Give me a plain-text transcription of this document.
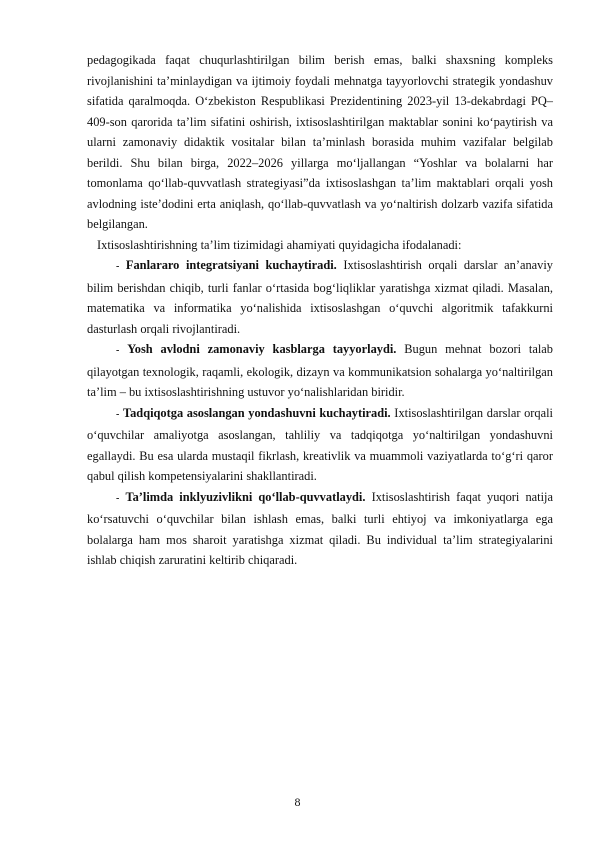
pedagogikada faqat chuqurlashtirilgan bilim berish emas, balki shaxsning kompleks rivojlanishini ta’minlaydigan va ijtimoiy foydali mehnatga tayyorlovchi strategik yondashuv sifatida qaralmoqda. O‘zbekiston Respublikasi Prezidentining 2023-yil 13-dekabrdagi PQ–409-son qarorida ta’lim sifatini oshirish, ixtisoslashtirilgan maktablar sonini ko‘paytirish va ularni zamonaviy didaktik vositalar bilan ta’minlash borasida muhim vazifalar belgilab berildi. Shu bilan birga, 2022–2026 yillarga mo‘ljallangan “Yoshlar va bolalarni har tomonlama qo‘llab-quvvatlash strategiyasi”da ixtisoslashgan ta’lim maktablari orqali yosh avlodning iste’dodini erta aniqlash, qo‘llab-quvvatlash va yo‘naltirish dolzarb vazifa sifatida belgilangan.

Ixtisoslashtirishning ta’lim tizimidagi ahamiyati quyidagicha ifodalanadi:

- Fanlararo integratsiyani kuchaytiradi. Ixtisoslashtirish orqali darslar an’anaviy bilim berishdan chiqib, turli fanlar o‘rtasida bog‘liqliklar yaratishga xizmat qiladi. Masalan, matematika va informatika yo‘nalishida ixtisoslashgan o‘quvchi algoritmik tafakkurni dasturlash orqali rivojlantiradi.

- Yosh avlodni zamonaviy kasblarga tayyorlaydi. Bugun mehnat bozori talab qilayotgan texnologik, raqamli, ekologik, dizayn va kommunikatsion sohalarga yo‘naltirilgan ta’lim – bu ixtisoslashtirishning ustuvor yo‘nalishlaridan biridir.

- Tadqiqotga asoslangan yondashuvni kuchaytiradi. Ixtisoslashtirilgan darslar orqali o‘quvchilar amaliyotga asoslangan, tahliliy va tadqiqotga yo‘naltirilgan yondashuvni egallaydi. Bu esa ularda mustaqil fikrlash, kreativlik va muammoli vaziyatlarda to‘g‘ri qaror qabul qilish kompetensiyalarini shakllantiradi.

- Ta’limda inklyuzivlikni qo‘llab-quvvatlaydi. Ixtisoslashtirish faqat yuqori natija ko‘rsatuvchi o‘quvchilar bilan ishlash emas, balki turli ehtiyoj va imkoniyatlarga ega bolalarga ham mos sharoit yaratishga xizmat qiladi. Bu individual ta’lim strategiyalarini ishlab chiqish zaruratini keltirib chiqaradi.

8
